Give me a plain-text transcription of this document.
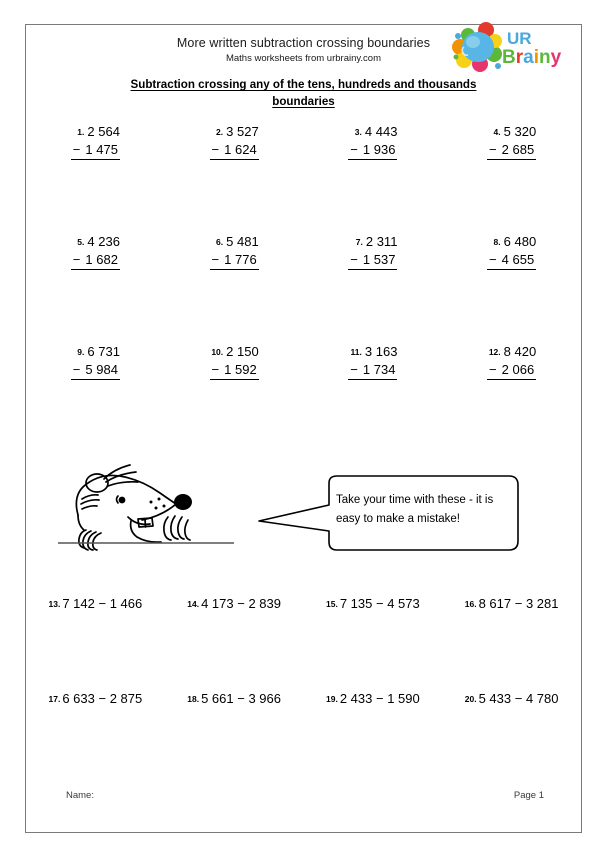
More written subtraction crossing boundaries
Maths worksheets from urbrainy.com
UR
Brainy
Subtraction crossing any of the tens, hundreds and thousands
boundaries
1. 2 564
− 1 475
2. 3 527
− 1 624
3. 4 443
− 1 936
4. 5 320
− 2 685
5. 4 236
− 1 682
6. 5 481
− 1 776
7. 2 311
− 1 537
8. 6 480
− 4 655
9. 6 731
− 5 984
10. 2 150
− 1 592
11. 3 163
− 1 734
12. 8 420
− 2 066
Take your time with these - it is easy to make a mistake!
13. 7 142 − 1 466	14. 4 173 − 2 839	15. 7 135 − 4 573	16. 8 617 − 3 281
17. 6 633 − 2 875	18. 5 661 − 3 966	19. 2 433 − 1 590	20. 5 433 − 4 780
Name:	Page 1
